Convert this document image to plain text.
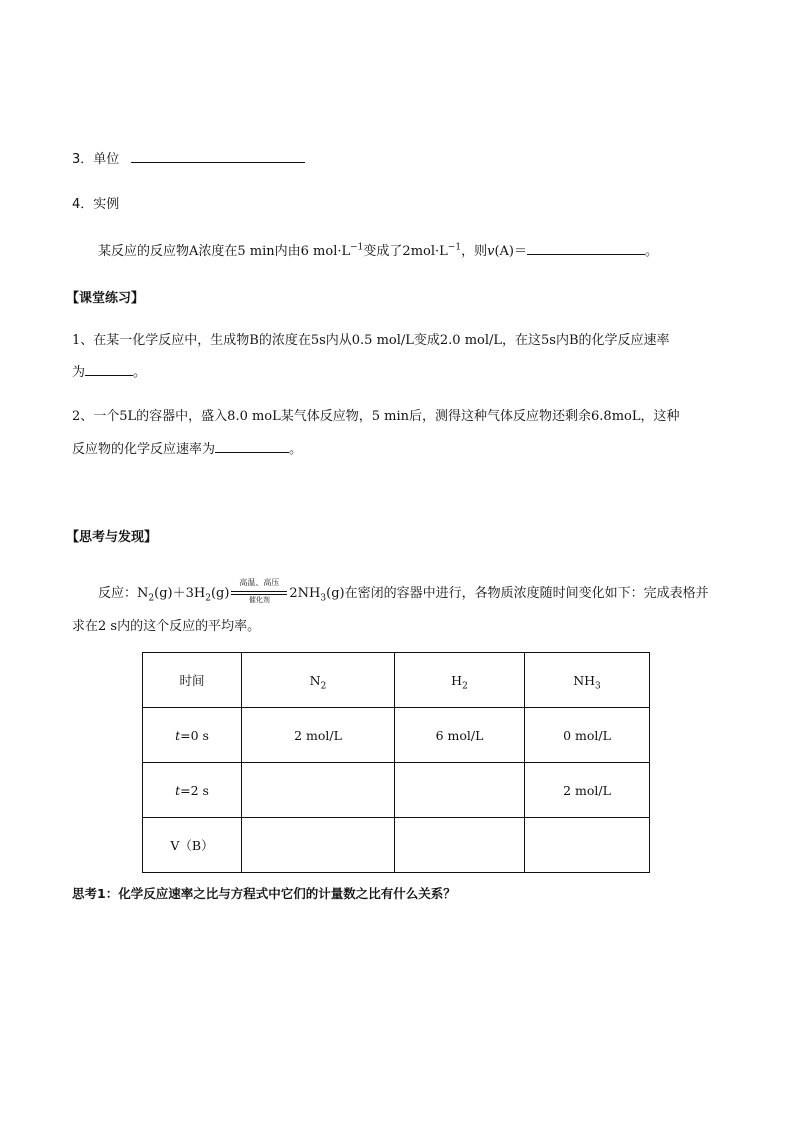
3．单位
4．实例
某反应的反应物A浓度在5 min内由6 $mol\cdot L^{-1}$变成了$2mol\cdot L^{-1}$，则v(A)＝	。
【课堂练习】
1、在某一化学反应中，生成物B的浓度在5s内从0.5 mol/L变成2.0 mol/L，在这5s内B的化学反应速率
为	。
2、一个5L的容器中，盛入8.0 moL某气体反应物，5 min后，测得这种气体反应物还剩余6.8moL，这种
反应物的化学反应速率为	。
【思考与发现】
反应：$N_2(g)+3H_2(g)$
高温、高压
催化剂	$2NH_3(g)$在密闭的容器中进行，各物质浓度随时间变化如下：完成表格并
求在2 s内的这个反应的平均率。
时间	$N_2$	$H_2$	$NH_3$
t=0 s	2 mol/L	6 mol/L	0 mol/L
t=2 s			2 mol/L
V（B）			
思考1：化学反应速率之比与方程式中它们的计量数之比有什么关系？
